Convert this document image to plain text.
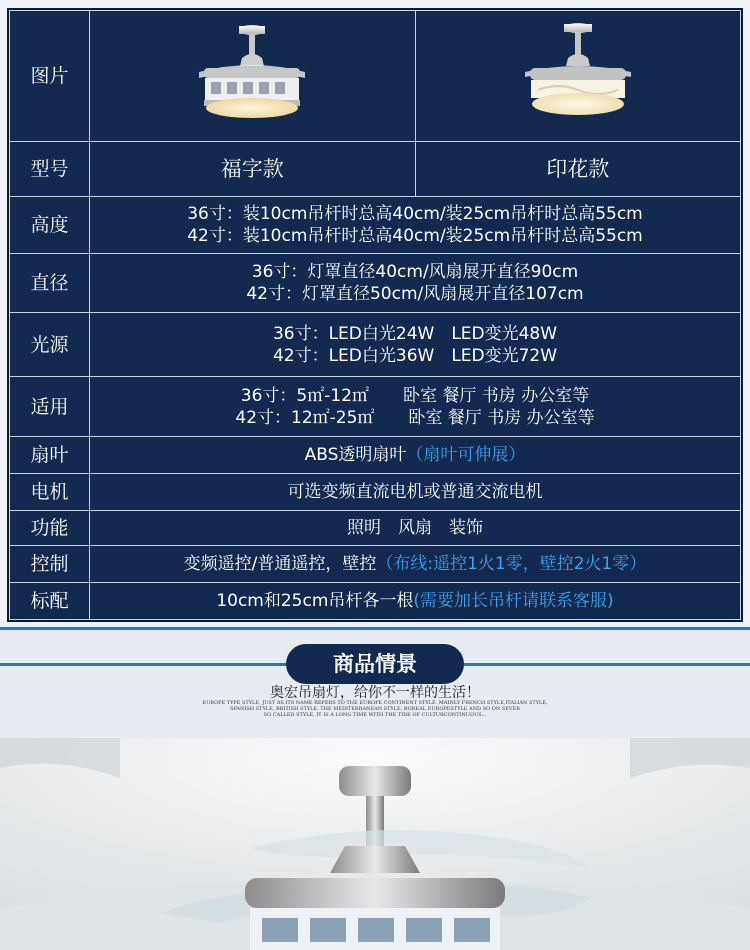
图片	

型号	福字款	印花款
高度	36寸：装10cm吊杆时总高40cm/装25cm吊杆时总高55cm
42寸：装10cm吊杆时总高40cm/装25cm吊杆时总高55cm	

直径	36寸：灯罩直径40cm/风扇展开直径90cm
42寸：灯罩直径50cm/风扇展开直径107cm	

光源	36寸：LED白光24W　LED变光48W
42寸：LED白光36W　LED变光72W	

适用	36寸：5㎡-12㎡　　卧室 餐厅 书房 办公室等
42寸：12㎡-25㎡　　卧室 餐厅 书房 办公室等	

扇叶	ABS透明扇叶（扇叶可伸展）	
电机	可选变频直流电机或普通交流电机	
功能	照明　风扇　装饰	
控制	变频遥控/普通遥控，壁控（布线:遥控1火1零，壁控2火1零）	
标配	10cm和25cm吊杆各一根(需要加长吊杆请联系客服)	
商品情景
奥宏吊扇灯，给你不一样的生活！
EUROPE TYPE STYLE, JUST AS ITS NAME REFERS TO THE EUROPE CONTINENT STYLE. MAINLY FRENCH STYLE,ITALIAN STYLE,
SPANISH STYLE, BRITISH STYLE, THE MEDITERRANEAN STYLE, BOREAL EUROPESTYLE AND SO ON SEVER
SO CALLED STYLE, IT IS A LONG TIME WITH THE TIDE OF CULTURCONTINUOUS...
